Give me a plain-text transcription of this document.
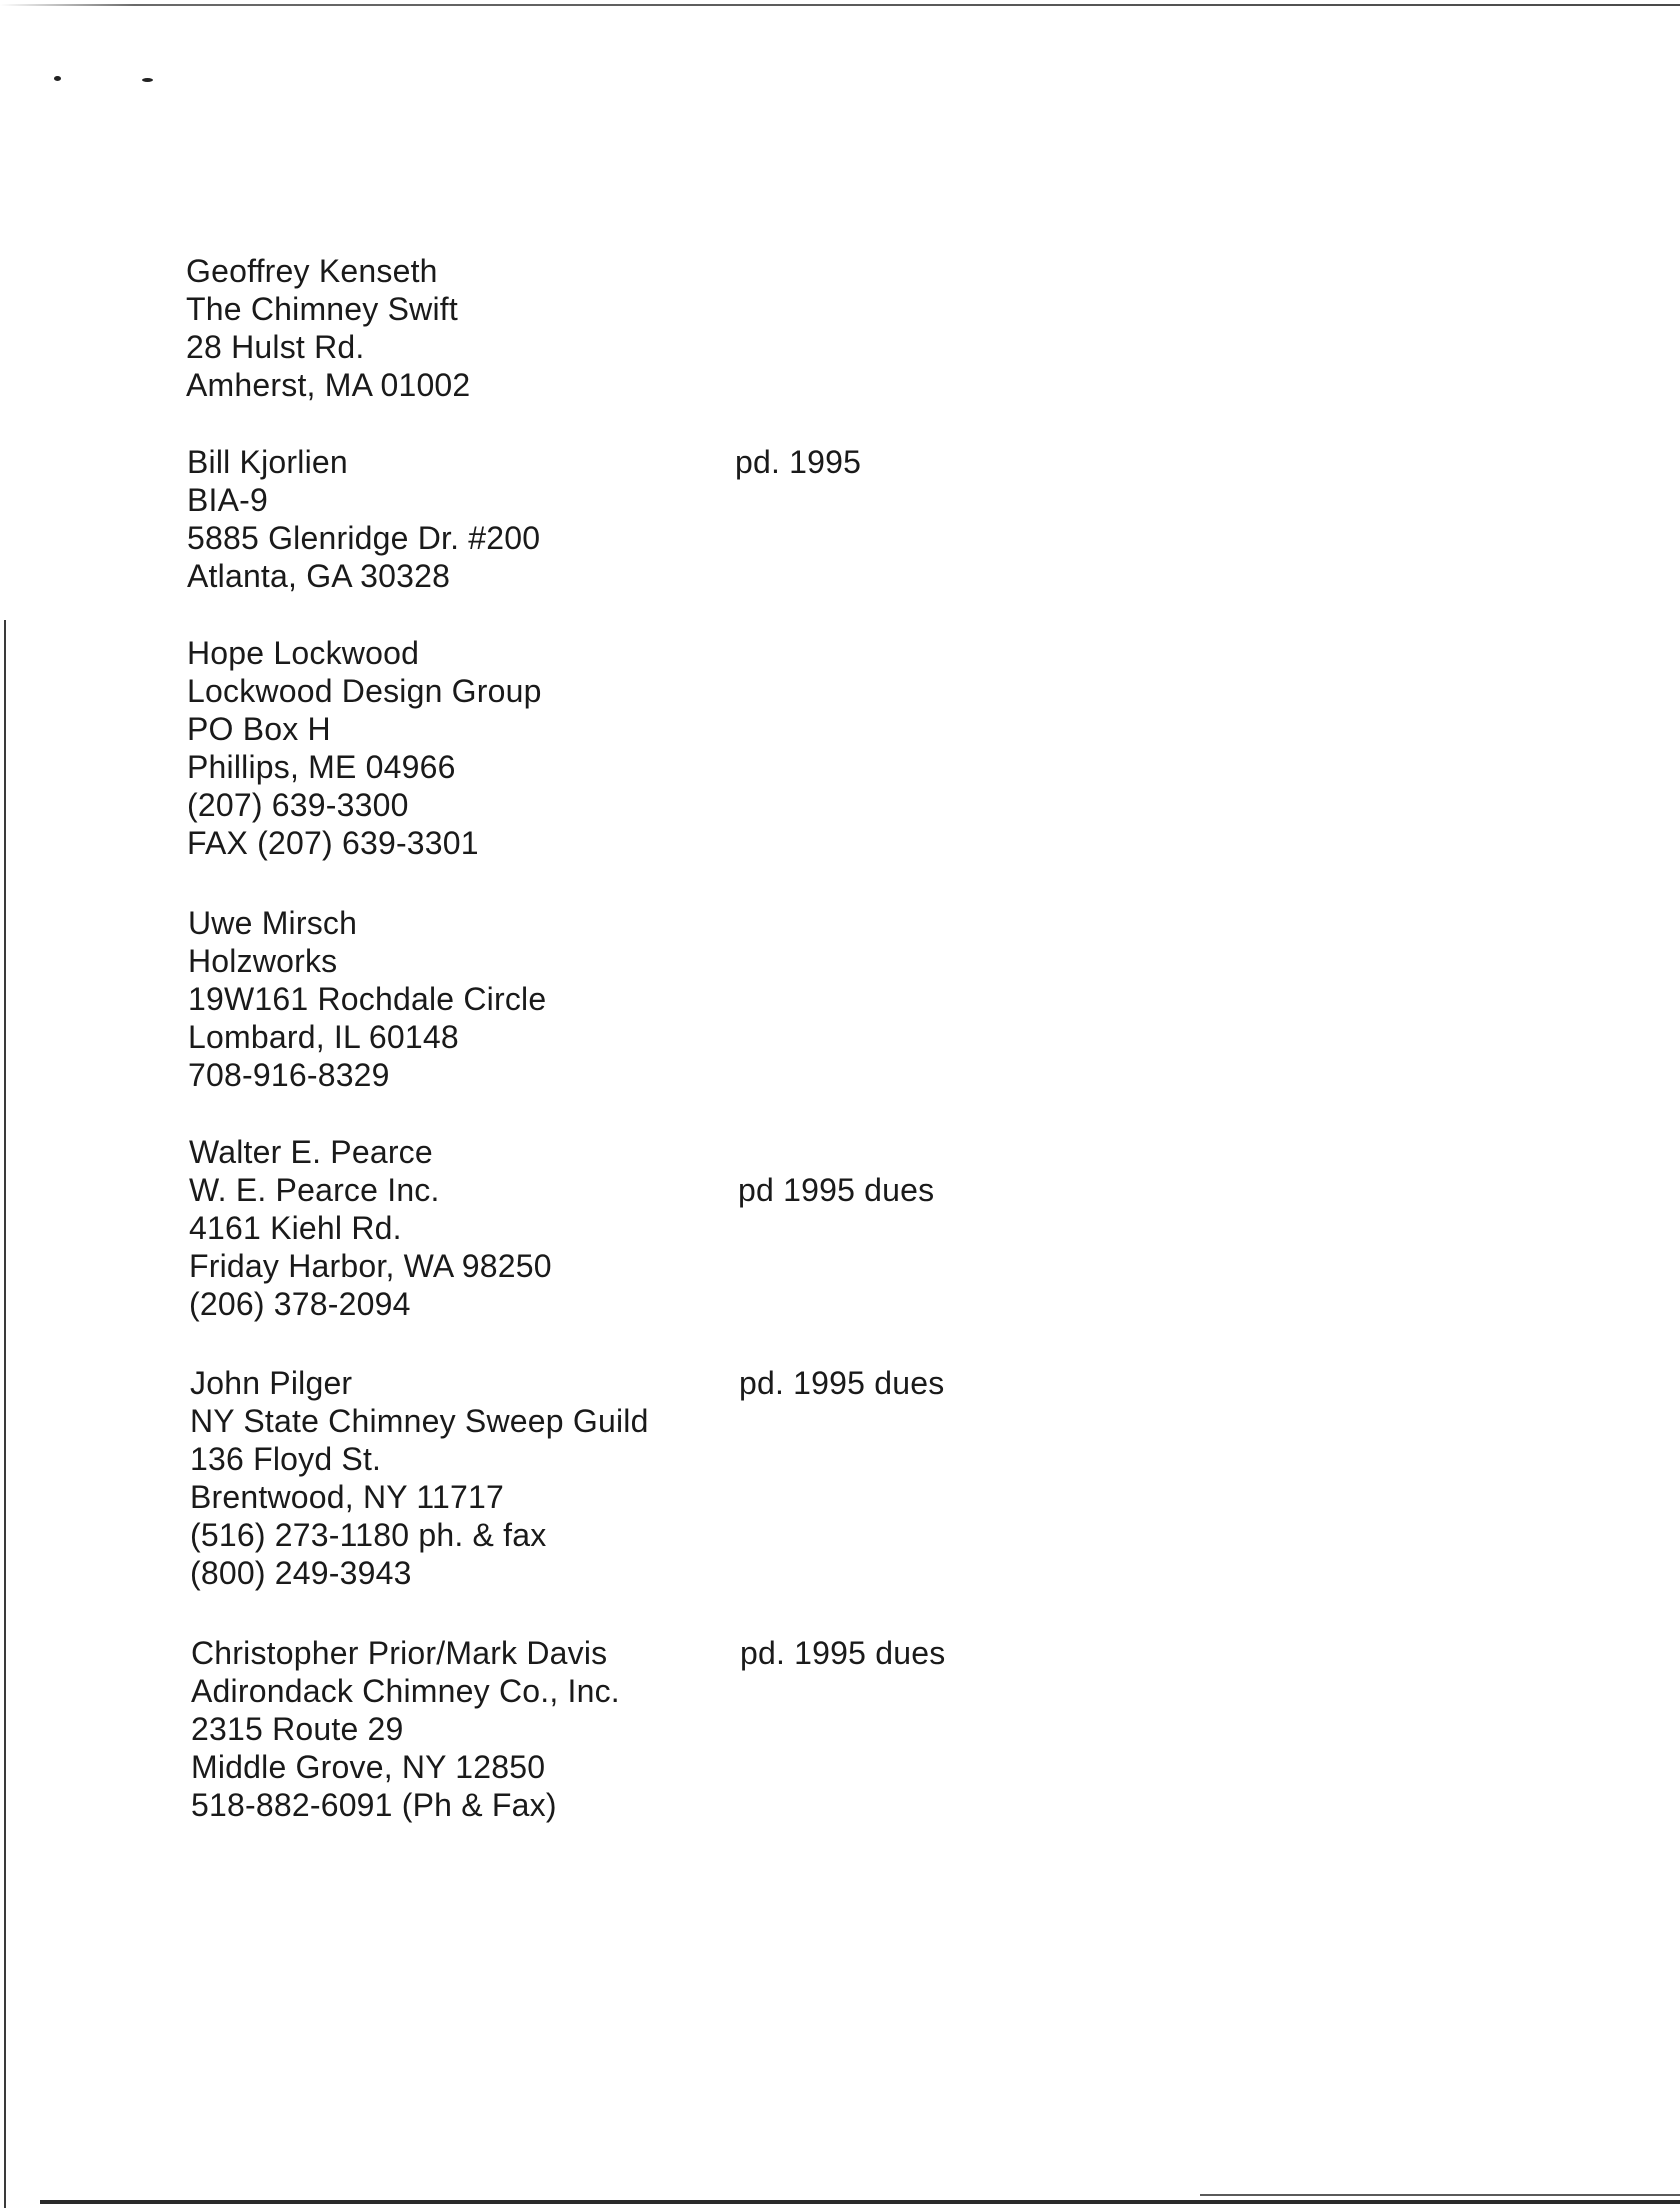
Geoffrey Kenseth
The Chimney Swift
28 Hulst Rd.
Amherst, MA 01002
Bill Kjorlien
BIA-9
5885 Glenridge Dr. #200
Atlanta, GA 30328
pd. 1995
Hope Lockwood
Lockwood Design Group
PO Box H
Phillips, ME 04966
(207) 639-3300
FAX (207) 639-3301
Uwe Mirsch
Holzworks
19W161 Rochdale Circle
Lombard, IL 60148
708-916-8329
Walter E. Pearce
W. E. Pearce Inc.
4161 Kiehl Rd.
Friday Harbor, WA 98250
(206) 378-2094
pd 1995 dues
John Pilger
NY State Chimney Sweep Guild
136 Floyd St.
Brentwood, NY 11717
(516) 273-1180 ph. & fax
(800) 249-3943
pd. 1995 dues
Christopher Prior/Mark Davis
Adirondack Chimney Co., Inc.
2315 Route 29
Middle Grove, NY 12850
518-882-6091 (Ph & Fax)
pd. 1995 dues
